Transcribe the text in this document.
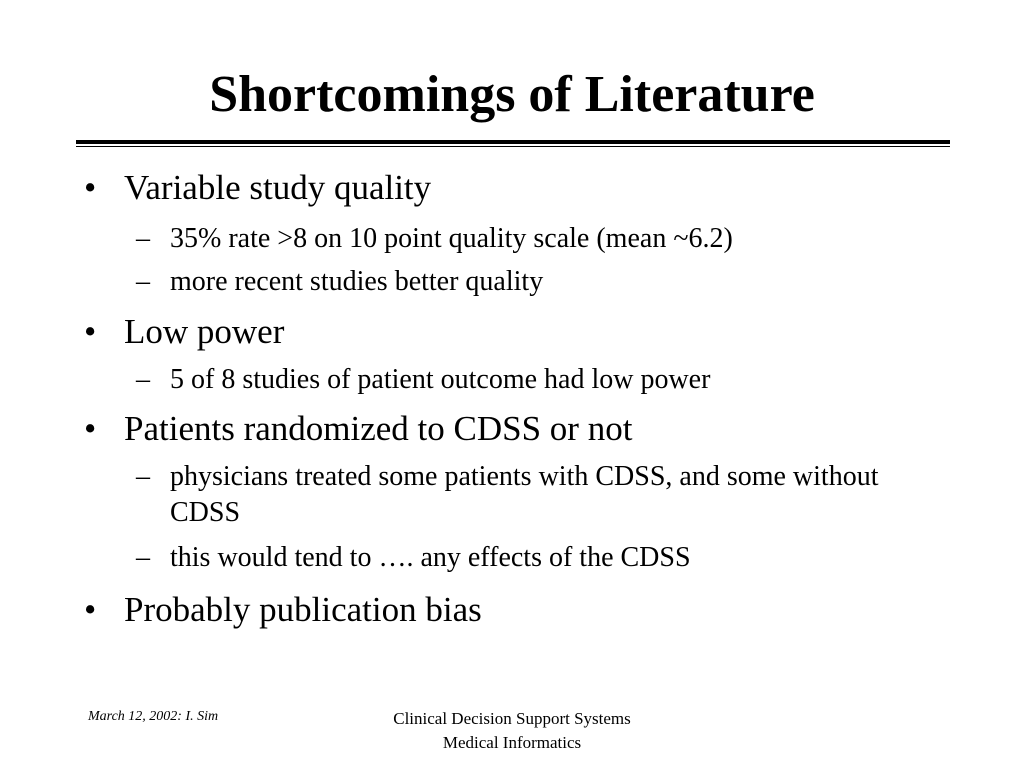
Shortcomings of Literature
• Variable study quality
– 35% rate >8 on 10 point quality scale (mean ~6.2)
– more recent studies better quality
• Low power
– 5 of 8 studies of patient outcome had low power
• Patients randomized to CDSS or not
– physicians treated some patients with CDSS, and some without CDSS
– this would tend to …. any effects of the CDSS
• Probably publication bias
March 12, 2002: I. Sim	Clinical Decision Support Systems
Medical Informatics
